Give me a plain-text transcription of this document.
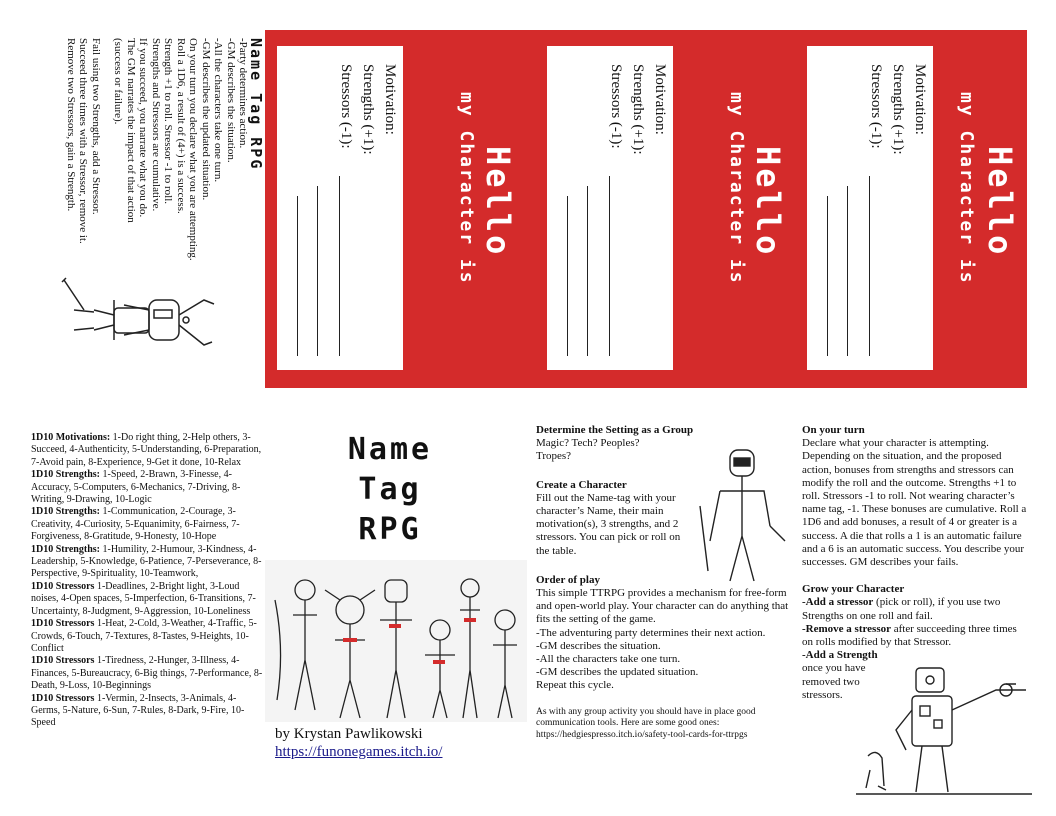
Name Tag RPG
-Party determines action.
-GM describes the situation.
-All the characters take one turn.
-GM describes the updated situation.
On your turn you declare what you are attempting.
Roll a 1D6, a result of (4+) is a success.
Strength +1 to roll. Stressor -1 to roll.
Strengths and Stressors are cumulative.
If you succeed, you narrate what you do.
The GM narrates the impact of that action
(success or failure).
Fail using two Strengths, add a Stressor.
Succeed three times with a Stressor, remove it.
Remove two Stressors, gain a Strength.	Motivation:
Strengths (+1):
Stressors (-1):
Hello
my Character is	Motivation:
Strengths (+1):
Stressors (-1):
Hello
my Character is	Motivation:
Strengths (+1):
Stressors (-1):
Hello
my Character is

1D10 Motivations: 1-Do right thing, 2-Help others, 3-Succeed, 4-Authenticity, 5-Understanding, 6-Preparation, 7-Avoid pain, 8-Experience, 9-Get it done, 10-Relax

1D10 Strengths: 1-Speed, 2-Brawn, 3-Finesse, 4-Accuracy, 5-Computers, 6-Mechanics, 7-Driving, 8-Writing, 9-Drawing, 10-Logic

1D10 Strengths: 1-Communication, 2-Courage, 3-Creativity, 4-Curiosity, 5-Equanimity, 6-Fairness, 7-Forgiveness, 8-Gratitude, 9-Honesty, 10-Hope

1D10 Strengths: 1-Humility, 2-Humour, 3-Kindness, 4-Leadership, 5-Knowledge, 6-Patience, 7-Perseverance, 8-Perspective, 9-Spirituality, 10-Teamwork,

1D10 Stressors 1-Deadlines, 2-Bright light, 3-Loud noises, 4-Open spaces, 5-Imperfection, 6-Transitions, 7-Uncertainty, 8-Judgment, 9-Aggression, 10-Loneliness

1D10 Stressors 1-Heat, 2-Cold, 3-Weather, 4-Traffic, 5-Crowds, 6-Touch, 7-Textures, 8-Tastes, 9-Heights, 10-Conflict

1D10 Stressors 1-Tiredness, 2-Hunger, 3-Illness, 4-Finances, 5-Bureaucracy, 6-Big things, 7-Performance, 8-Death, 9-Loss, 10-Beginnings

1D10 Stressors 1-Vermin, 2-Insects, 3-Animals, 4-Germs, 5-Nature, 6-Sun, 7-Rules, 8-Dark, 9-Fire, 10-Speed

Name
Tag
RPG
by Krystan Pawlikowski
https://funonegames.itch.io/
Determine the Setting as a Group

Magic? Tech? Peoples? Tropes?

Create a Character

Fill out the Name-tag with your character’s Name, their main motivation(s), 3 strengths, and 2 stressors. You can pick or roll on the table.

Order of play

This simple TTRPG provides a mechanism for free-form and open-world play. Your character can do anything that fits the setting of the game.

-The adventuring party determines their next action.

-GM describes the situation.

-All the characters take one turn.

-GM describes the updated situation.

Repeat this cycle.

As with any group activity you should have in place good communication tools. Here are some good ones:

https://hedgiespresso.itch.io/safety-tool-cards-for-ttrpgs

On your turn

Declare what your character is attempting. Depending on the situation, and the proposed action, bonuses from strengths and stressors can modify the roll and the outcome. Strengths +1 to roll. Stressors -1 to roll. Not wearing character’s name tag, -1. These bonuses are cumulative. Roll a 1D6 and add bonuses, a result of 4 or greater is a success. A die that rolls a 1 is an automatic failure and a 6 is an automatic success. You describe your successes. GM describes your fails.

Grow your Character

-Add a stressor (pick or roll), if you use two Strengths on one roll and fail.

-Remove a stressor after succeeding three times on rolls modified by that Stressor.

-Add a Strength once you have removed two stressors.
